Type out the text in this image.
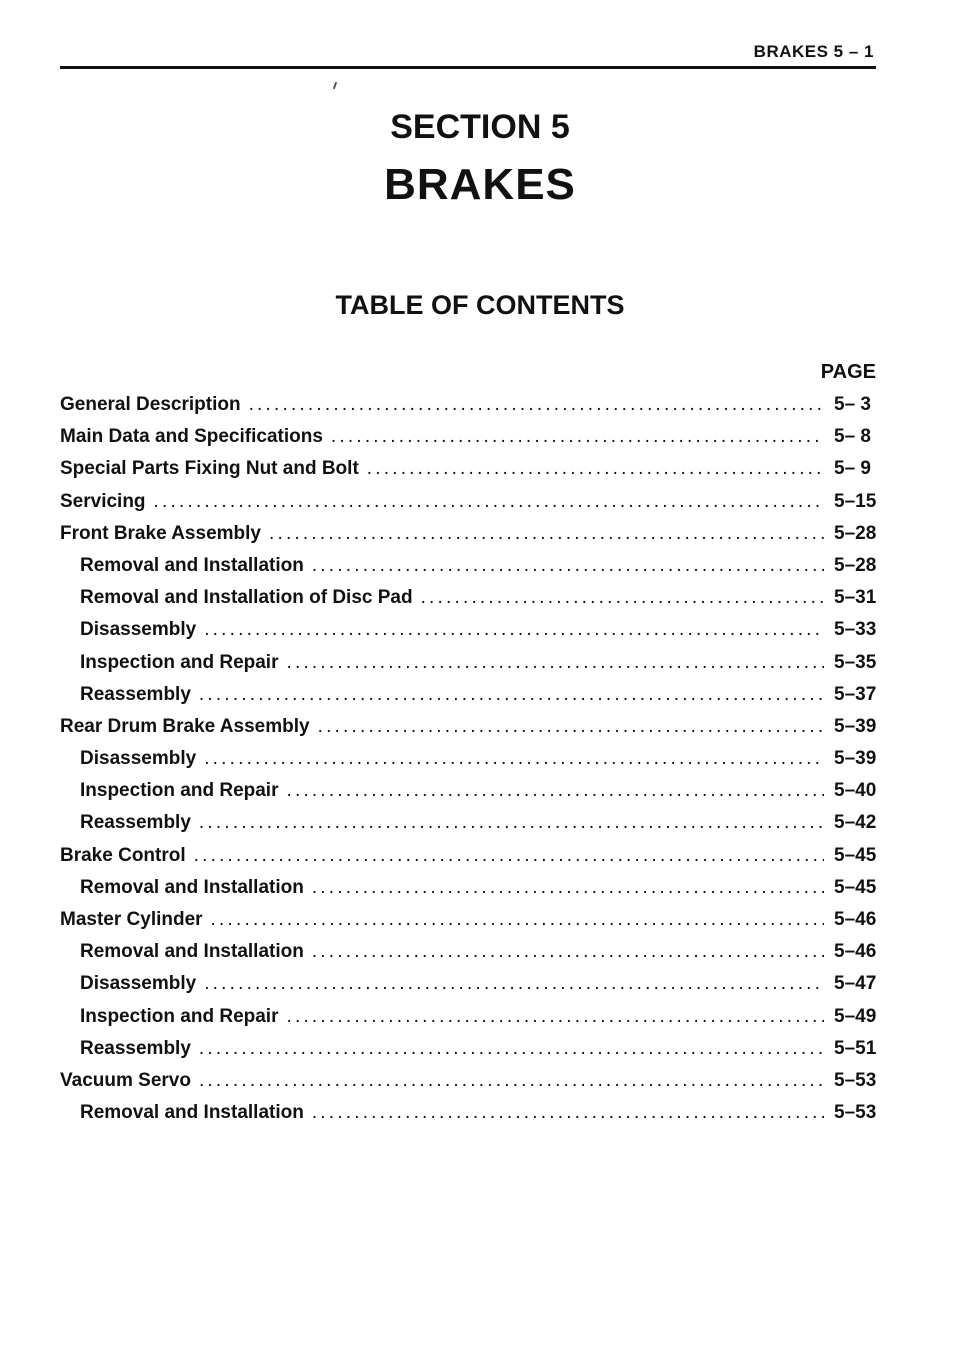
BRAKES 5 – 1
SECTION 5
BRAKES
TABLE OF CONTENTS
PAGE
General Description .....	5– 3
Main Data and Specifications .....	5– 8
Special Parts Fixing Nut and Bolt .....	5– 9
Servicing .....	5–15
Front Brake Assembly .....	5–28
Removal and Installation .....	5–28
Removal and Installation of Disc Pad .....	5–31
Disassembly .....	5–33
Inspection and Repair .....	5–35
Reassembly .....	5–37
Rear Drum Brake Assembly .....	5–39
Disassembly .....	5–39
Inspection and Repair .....	5–40
Reassembly .....	5–42
Brake Control .....	5–45
Removal and Installation .....	5–45
Master Cylinder .....	5–46
Removal and Installation .....	5–46
Disassembly .....	5–47
Inspection and Repair .....	5–49
Reassembly .....	5–51
Vacuum Servo .....	5–53
Removal and Installation .....	5–53
